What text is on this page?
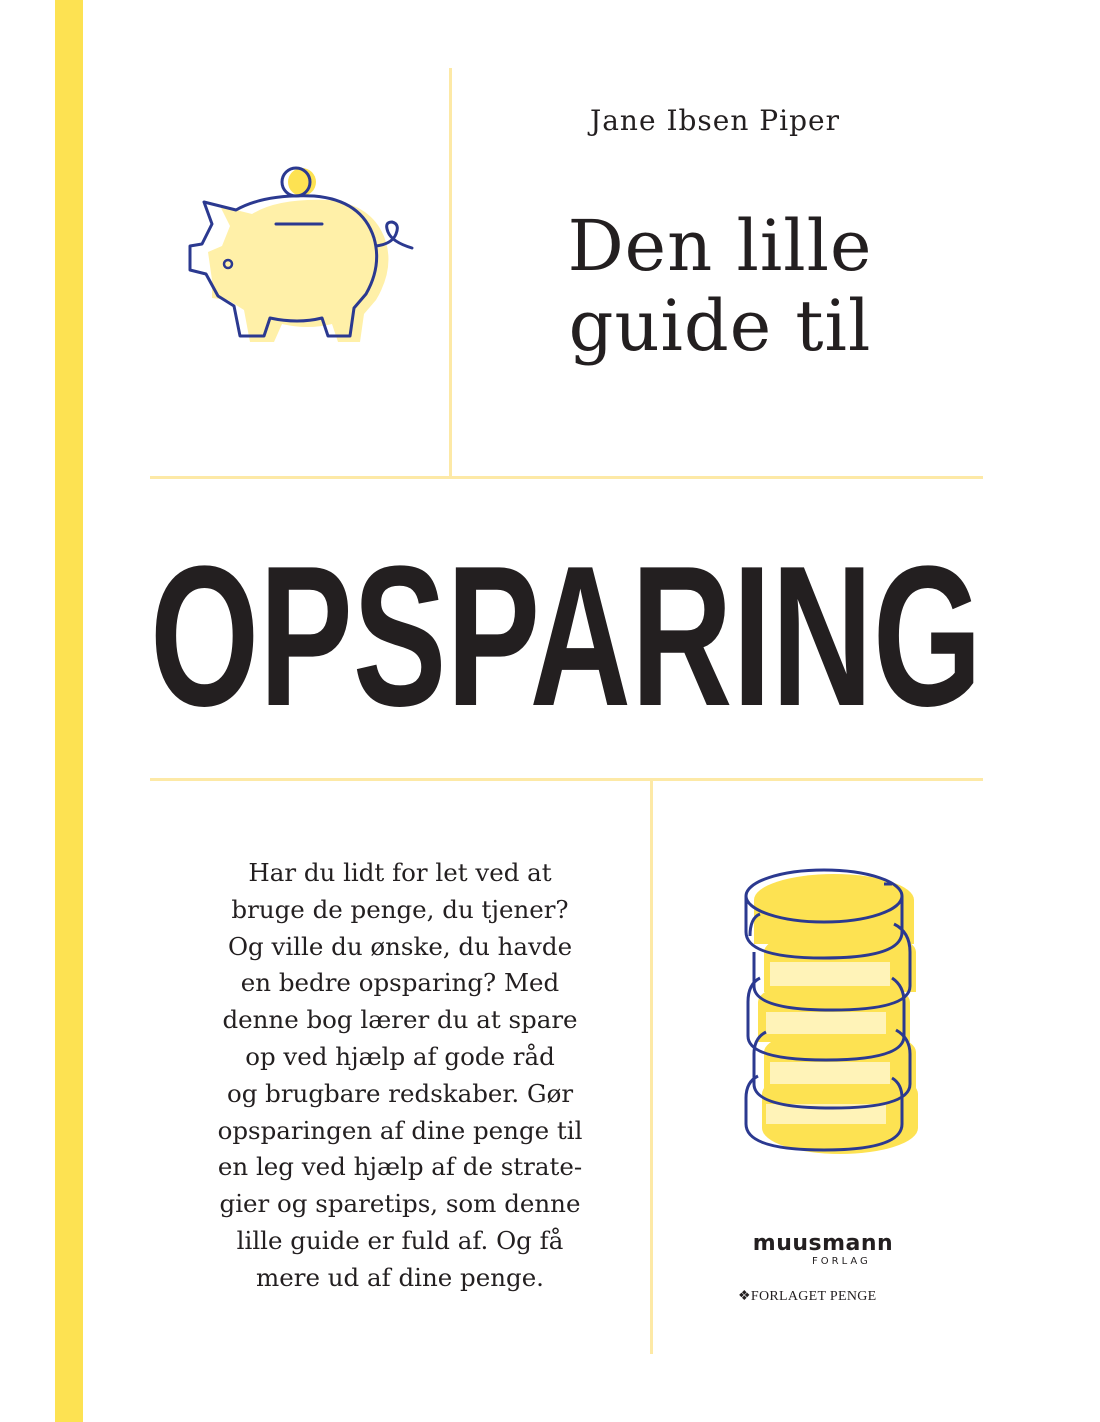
Jane Ibsen Piper
Den lille
guide til
OPSPARING
Har du lidt for let ved at
bruge de penge, du tjener?
Og ville du ønske, du havde
en bedre opsparing? Med
denne bog lærer du at spare
op ved hjælp af gode råd
og brugbare redskaber. Gør
opsparingen af dine penge til
en leg ved hjælp af de strate-
gier og sparetips, som denne
lille guide er fuld af. Og få
mere ud af dine penge.
muusmann
FORLAG
❖FORLAGET PENGE
